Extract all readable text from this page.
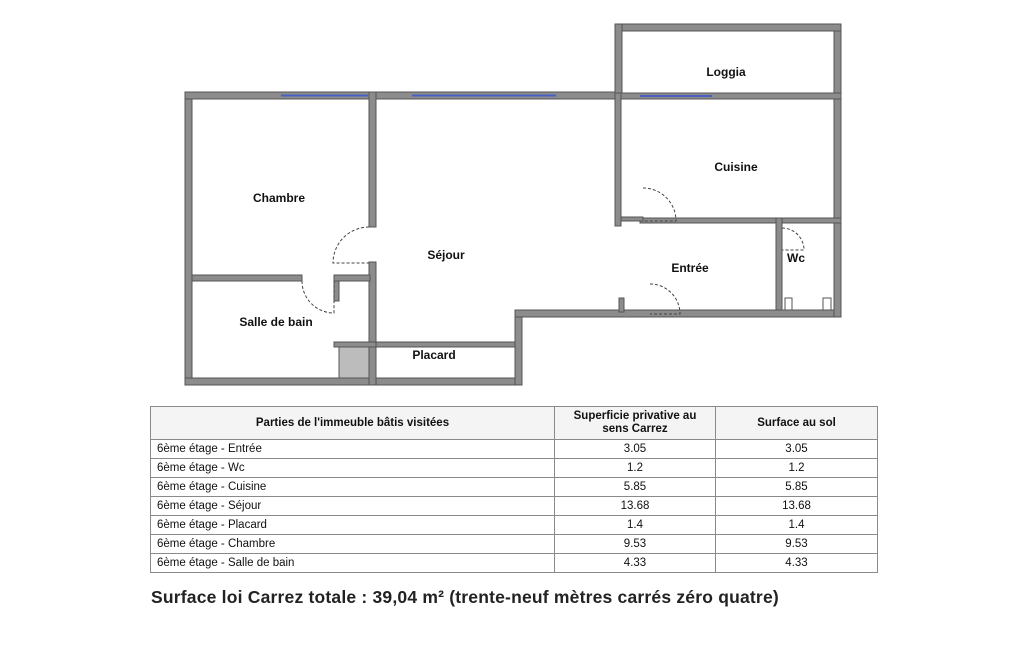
Loggia
Cuisine
Chambre
Séjour
Entrée
Wc
Salle de bain
Placard
Parties de l'immeuble bâtis visitées	Superficie privative au sens Carrez	Surface au sol
6ème étage - Entrée	3.05	3.05
6ème étage - Wc	1.2	1.2
6ème étage - Cuisine	5.85	5.85
6ème étage - Séjour	13.68	13.68
6ème étage - Placard	1.4	1.4
6ème étage - Chambre	9.53	9.53
6ème étage - Salle de bain	4.33	4.33
Surface loi Carrez totale : 39,04 m² (trente-neuf mètres carrés zéro quatre)
